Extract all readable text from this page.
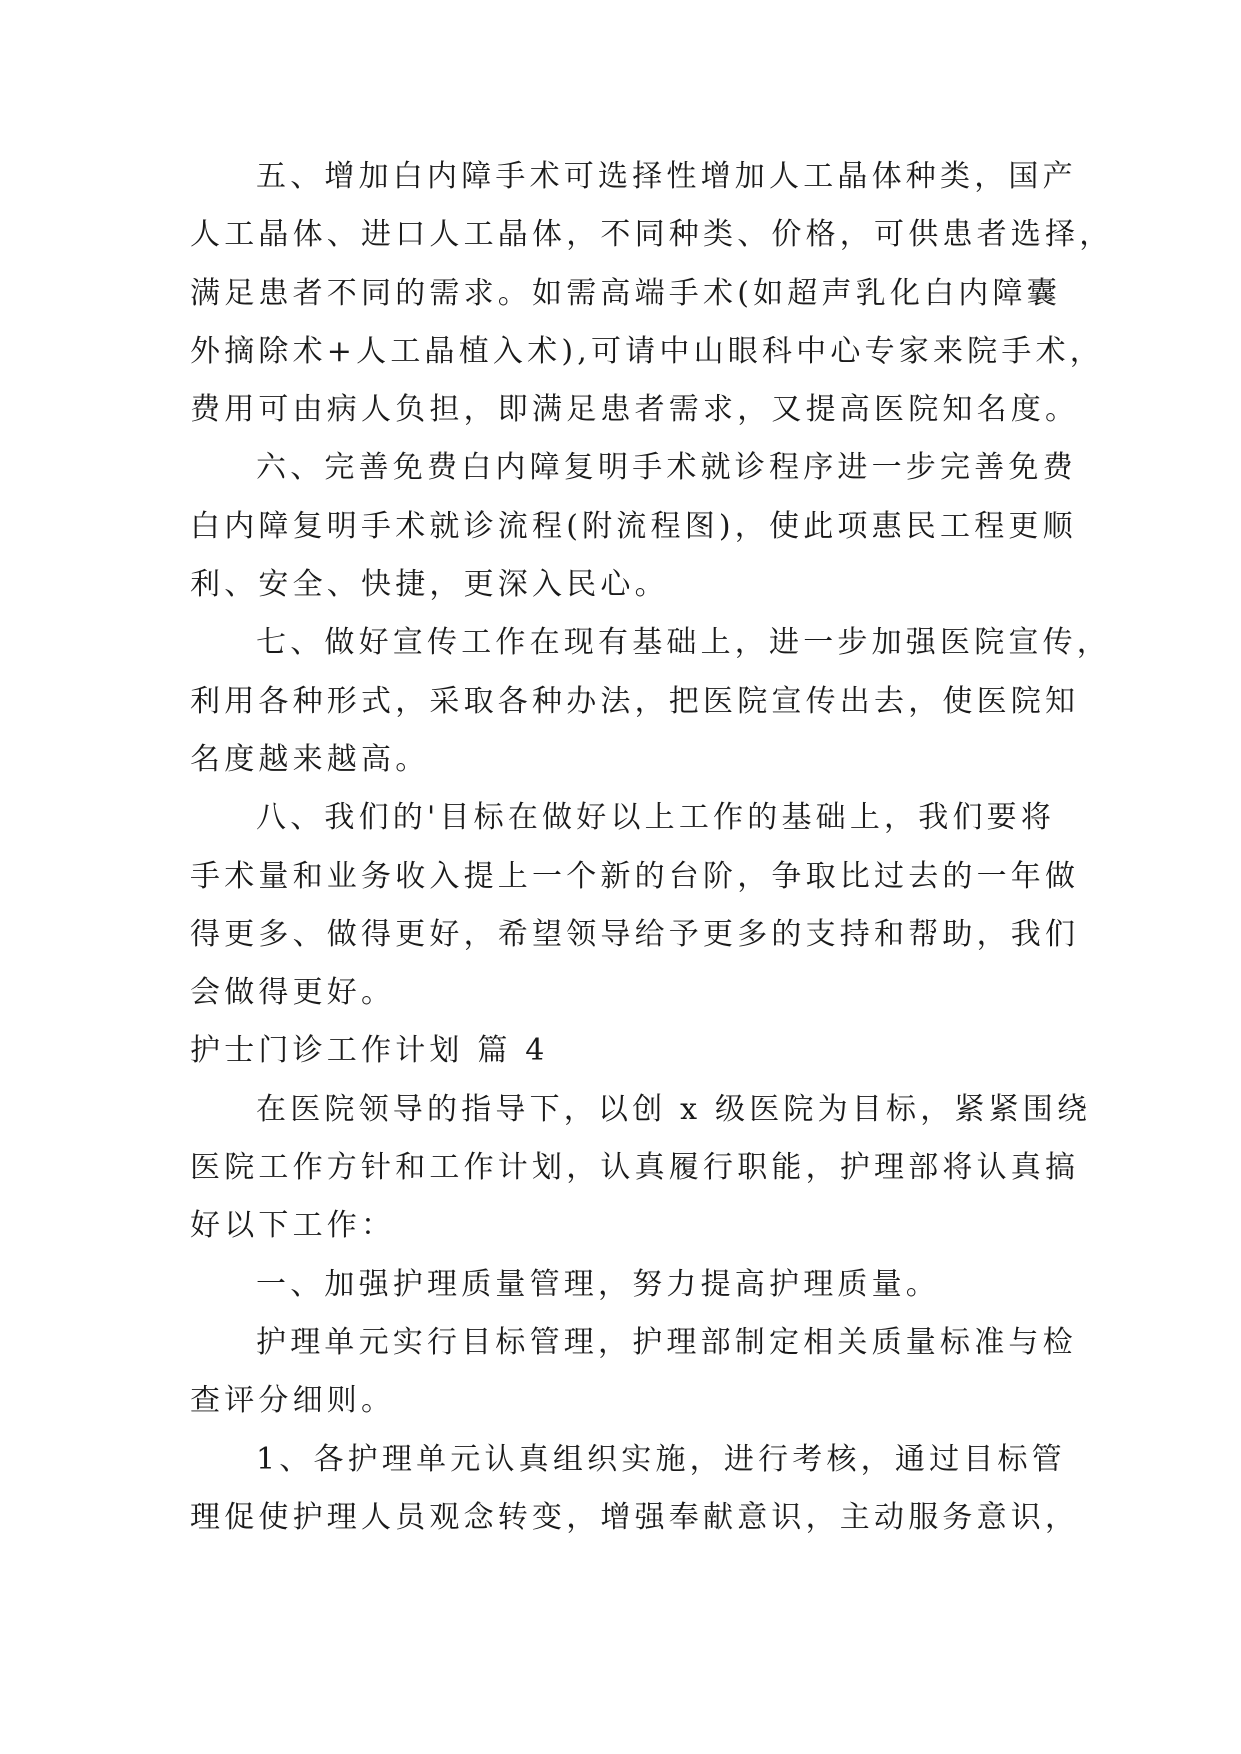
五、增加白内障手术可选择性增加人工晶体种类，国产
人工晶体、进口人工晶体，不同种类、价格，可供患者选择，
满足患者不同的需求。如需高端手术(如超声乳化白内障囊
外摘除术+人工晶植入术),可请中山眼科中心专家来院手术，
费用可由病人负担，即满足患者需求，又提高医院知名度。
六、完善免费白内障复明手术就诊程序进一步完善免费
白内障复明手术就诊流程(附流程图)，使此项惠民工程更顺
利、安全、快捷，更深入民心。
七、做好宣传工作在现有基础上，进一步加强医院宣传，
利用各种形式，采取各种办法，把医院宣传出去，使医院知
名度越来越高。
八、我们的'目标在做好以上工作的基础上，我们要将
手术量和业务收入提上一个新的台阶，争取比过去的一年做
得更多、做得更好，希望领导给予更多的支持和帮助，我们
会做得更好。
护士门诊工作计划 篇 4
在医院领导的指导下，以创 x 级医院为目标，紧紧围绕
医院工作方针和工作计划，认真履行职能，护理部将认真搞
好以下工作：
一、加强护理质量管理，努力提高护理质量。
护理单元实行目标管理，护理部制定相关质量标准与检
查评分细则。
1、各护理单元认真组织实施，进行考核，通过目标管
理促使护理人员观念转变，增强奉献意识，主动服务意识，
